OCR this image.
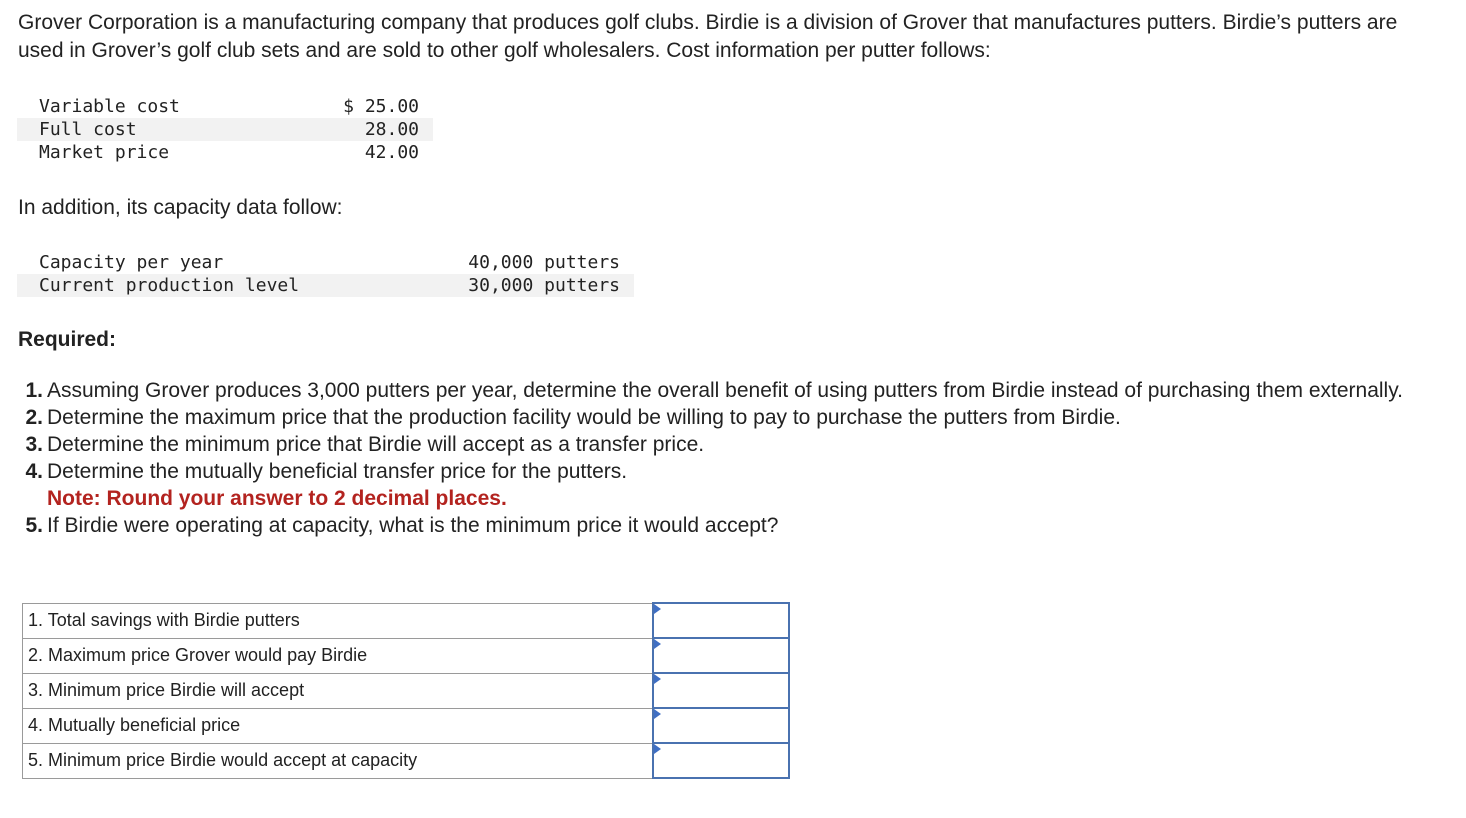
Grover Corporation is a manufacturing company that produces golf clubs. Birdie is a division of Grover that manufactures putters. Birdie’s putters are used in Grover’s golf club sets and are sold to other golf wholesalers. Cost information per putter follows:

Variable cost	$ 25.00
Full cost	28.00
Market price	42.00

In addition, its capacity data follow:

Capacity per year	40,000 putters
Current production level	30,000 putters

Required:

1. Assuming Grover produces 3,000 putters per year, determine the overall benefit of using putters from Birdie instead of purchasing them externally.
2. Determine the maximum price that the production facility would be willing to pay to purchase the putters from Birdie.
3. Determine the minimum price that Birdie will accept as a transfer price.
4. Determine the mutually beneficial transfer price for the putters.
Note: Round your answer to 2 decimal places.
5. If Birdie were operating at capacity, what is the minimum price it would accept?
1. Total savings with Birdie putters	

2. Maximum price Grover would pay Birdie	

3. Minimum price Birdie will accept	

4. Mutually beneficial price	

5. Minimum price Birdie would accept at capacity	
